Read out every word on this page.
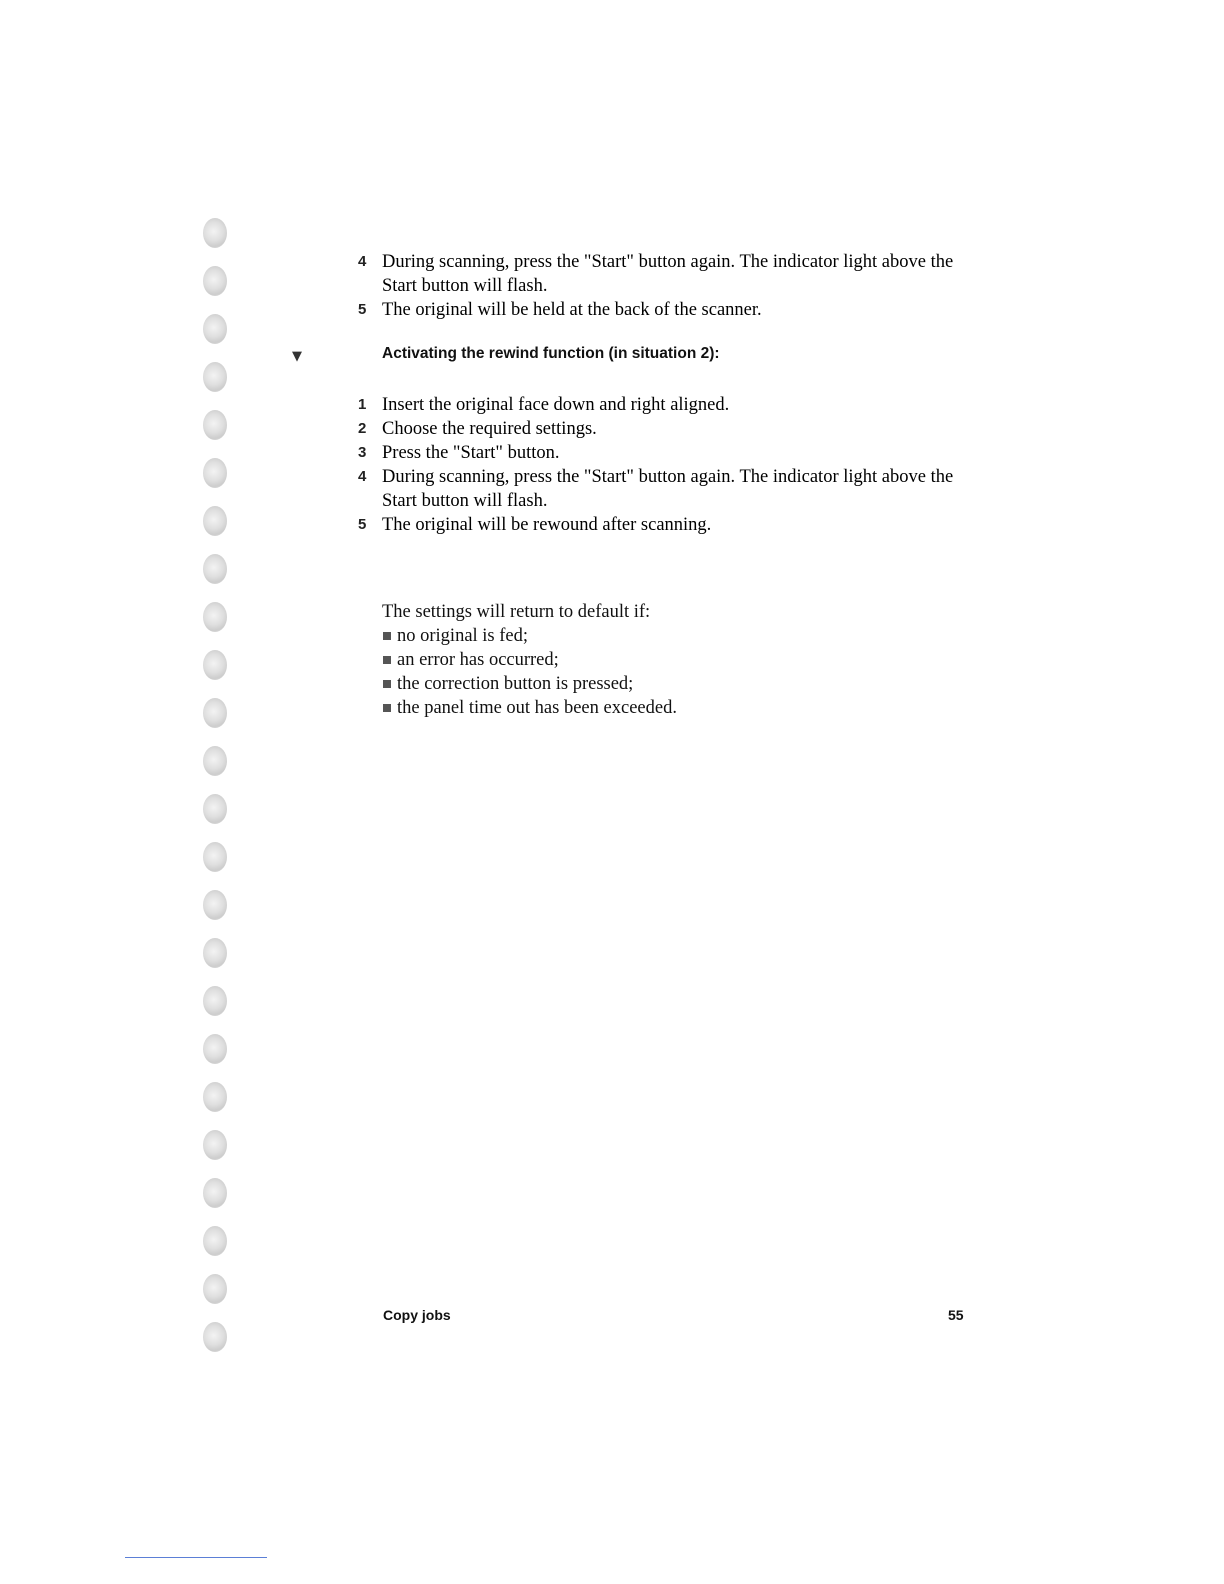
4 During scanning, press the "Start" button again. The indicator light above the Start button will flash.
5 The original will be held at the back of the scanner.
▼	Activating the rewind function (in situation 2):
1 Insert the original face down and right aligned.
2 Choose the required settings.
3 Press the "Start" button.
4 During scanning, press the "Start" button again. The indicator light above the Start button will flash.
5 The original will be rewound after scanning.
The settings will return to default if:
no original is fed;
an error has occurred;
the correction button is pressed;
the panel time out has been exceeded.
Copy jobs	55
